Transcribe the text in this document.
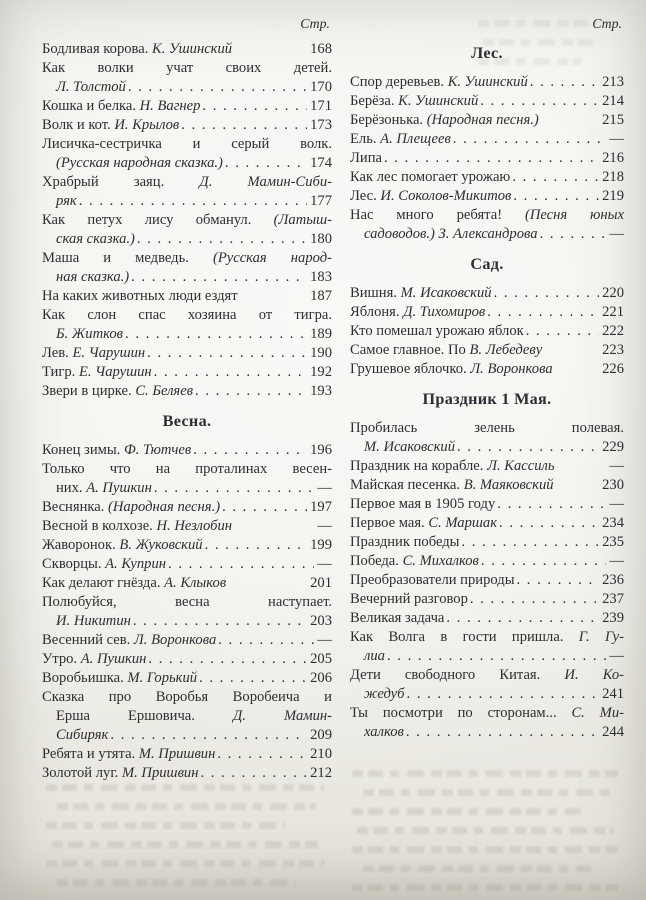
Стр.
Бодливая корова. К. Ушинский	168
Как волки учат своих детей.
Л. Толстой . . .	170
Кошка и белка. Н. Вагнер . . .	171
Волк и кот. И. Крылов . . .	173
Лисичка-сестричка и серый волк.
(Русская народная сказка.) . . .	174
Храбрый заяц. Д. Мамин-Сиби-
ряк . . .	177
Как петух лису обманул. (Латыш-
ская сказка.) . . .	180
Маша и медведь. (Русская народ-
ная сказка.) . . .	183
На каких животных люди ездят	187
Как слон спас хозяина от тигра.
Б. Житков . . .	189
Лев. Е. Чарушин . . .	190
Тигр. Е. Чарушин . . .	192
Звери в цирке. С. Беляев . . .	193
Весна.
Конец зимы. Ф. Тютчев . . .	196
Только что на проталинах весен-
них. А. Пушкин . . .	—
Веснянка. (Народная песня.) . . .	197
Весной в колхозе. Н. Незлобин	—
Жаворонок. В. Жуковский . . .	199
Скворцы. А. Куприн . . .	—
Как делают гнёзда. А. Клыков	201
Полюбуйся, весна наступает.
И. Никитин . . .	203
Весенний сев. Л. Воронкова . . .	—
Утро. А. Пушкин . . .	205
Воробьишка. М. Горький . . .	206
Сказка про Воробья Воробеича и
Ерша Ершовича. Д. Мамин-
Сибиряк . . .	209
Ребята и утята. М. Пришвин . . .	210
Золотой луг. М. Пришвин . . .	212
Стр.
Лес.
Спор деревьев. К. Ушинский . . .	213
Берёза. К. Ушинский . . .	214
Берёзонька. (Народная песня.)	215
Ель. А. Плещеев . . .	—
Липа . . .	216
Как лес помогает урожаю . . .	218
Лес. И. Соколов-Микитов . . .	219
Нас много ребята! (Песня юных
садоводов.) З. Александрова . . .	—
Сад.
Вишня. М. Исаковский . . .	220
Яблоня. Д. Тихомиров . . .	221
Кто помешал урожаю яблок . . .	222
Самое главное. По В. Лебедеву	223
Грушевое яблочко. Л. Воронкова	226
Праздник 1 Мая.
Пробилась зелень полевая.
М. Исаковский . . .	229
Праздник на корабле. Л. Кассиль	—
Майская песенка. В. Маяковский	230
Первое мая в 1905 году . . .	—
Первое мая. С. Маршак . . .	234
Праздник победы . . .	235
Победа. С. Михалков . . .	—
Преобразователи природы . . .	236
Вечерний разговор . . .	237
Великая задача . . .	239
Как Волга в гости пришла. Г. Гу-
лиа . . .	—
Дети свободного Китая. И. Ко-
жедуб . . .	241
Ты посмотри по сторонам... С. Ми-
халков . . .	244
